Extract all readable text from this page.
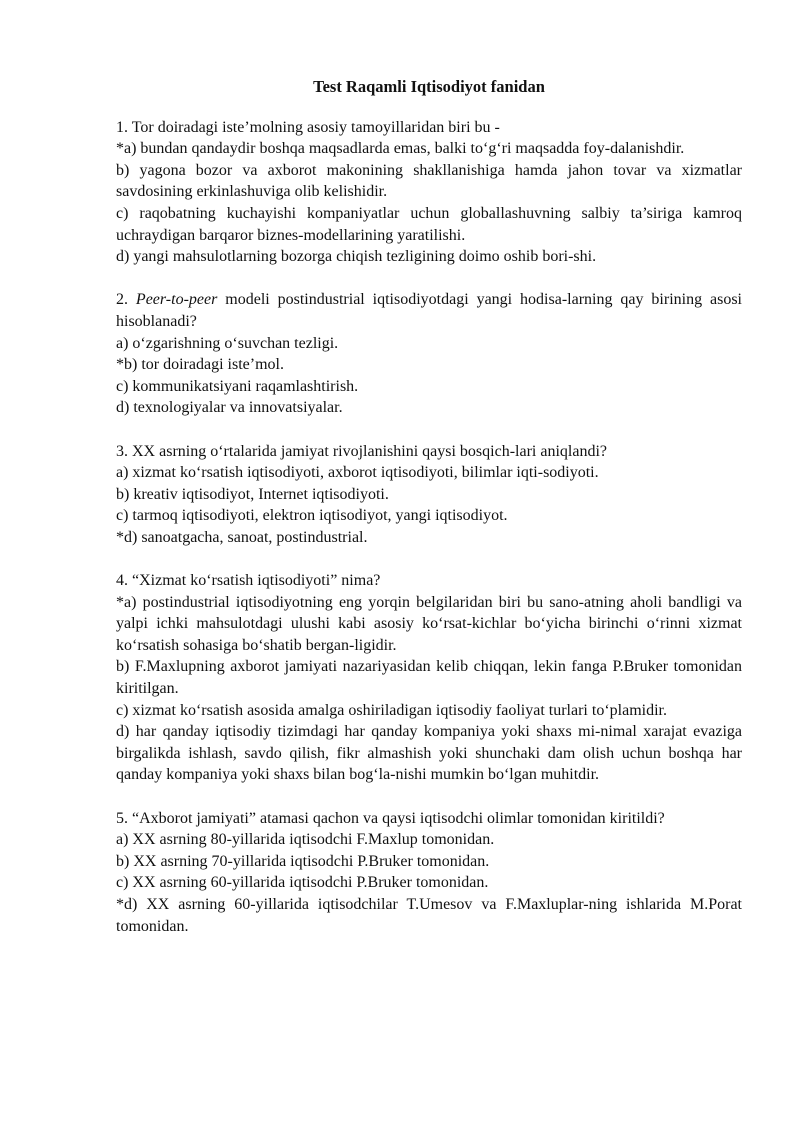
Test Raqamli Iqtisodiyot fanidan

1. Tor doiradagi iste’molning asosiy tamoyillaridan biri bu -

*a) bundan qandaydir boshqa maqsadlarda emas, balki to‘g‘ri maqsadda foy-dalanishdir.

b) yagona bozor va axborot makonining shakllanishiga hamda jahon tovar va xizmatlar savdosining erkinlashuviga olib kelishidir.

c) raqobatning kuchayishi kompaniyatlar uchun globallashuvning salbiy ta’siriga kamroq uchraydigan barqaror biznes-modellarining yaratilishi.

d) yangi mahsulotlarning bozorga chiqish tezligining doimo oshib bori-shi.

2. Peer-to-peer modeli postindustrial iqtisodiyotdagi yangi hodisa-larning qay birining asosi hisoblanadi?

a) o‘zgarishning o‘suvchan tezligi.

*b) tor doiradagi iste’mol.

c) kommunikatsiyani raqamlashtirish.

d) texnologiyalar va innovatsiyalar.

3. XX asrning o‘rtalarida jamiyat rivojlanishini qaysi bosqich-lari aniqlandi?

a) xizmat ko‘rsatish iqtisodiyoti, axborot iqtisodiyoti, bilimlar iqti-sodiyoti.

b) kreativ iqtisodiyot, Internet iqtisodiyoti.

c) tarmoq iqtisodiyoti, elektron iqtisodiyot, yangi iqtisodiyot.

*d) sanoatgacha, sanoat, postindustrial.

4. “Xizmat ko‘rsatish iqtisodiyoti” nima?

*a) postindustrial iqtisodiyotning eng yorqin belgilaridan biri bu sano-atning aholi bandligi va yalpi ichki mahsulotdagi ulushi kabi asosiy ko‘rsat-kichlar bo‘yicha birinchi o‘rinni xizmat ko‘rsatish sohasiga bo‘shatib bergan-ligidir.

b) F.Maxlupning axborot jamiyati nazariyasidan kelib chiqqan, lekin fanga P.Bruker tomonidan kiritilgan.

c) xizmat ko‘rsatish asosida amalga oshiriladigan iqtisodiy faoliyat turlari to‘plamidir.

d) har qanday iqtisodiy tizimdagi har qanday kompaniya yoki shaxs mi-nimal xarajat evaziga birgalikda ishlash, savdo qilish, fikr almashish yoki shunchaki dam olish uchun boshqa har qanday kompaniya yoki shaxs bilan bog‘la-nishi mumkin bo‘lgan muhitdir.

5. “Axborot jamiyati” atamasi qachon va qaysi iqtisodchi olimlar tomonidan kiritildi?

a) XX asrning 80-yillarida iqtisodchi F.Maxlup tomonidan.

b) XX asrning 70-yillarida iqtisodchi P.Bruker tomonidan.

c) XX asrning 60-yillarida iqtisodchi P.Bruker tomonidan.

*d) XX asrning 60-yillarida iqtisodchilar T.Umesov va F.Maxluplar-ning ishlarida M.Porat tomonidan.
